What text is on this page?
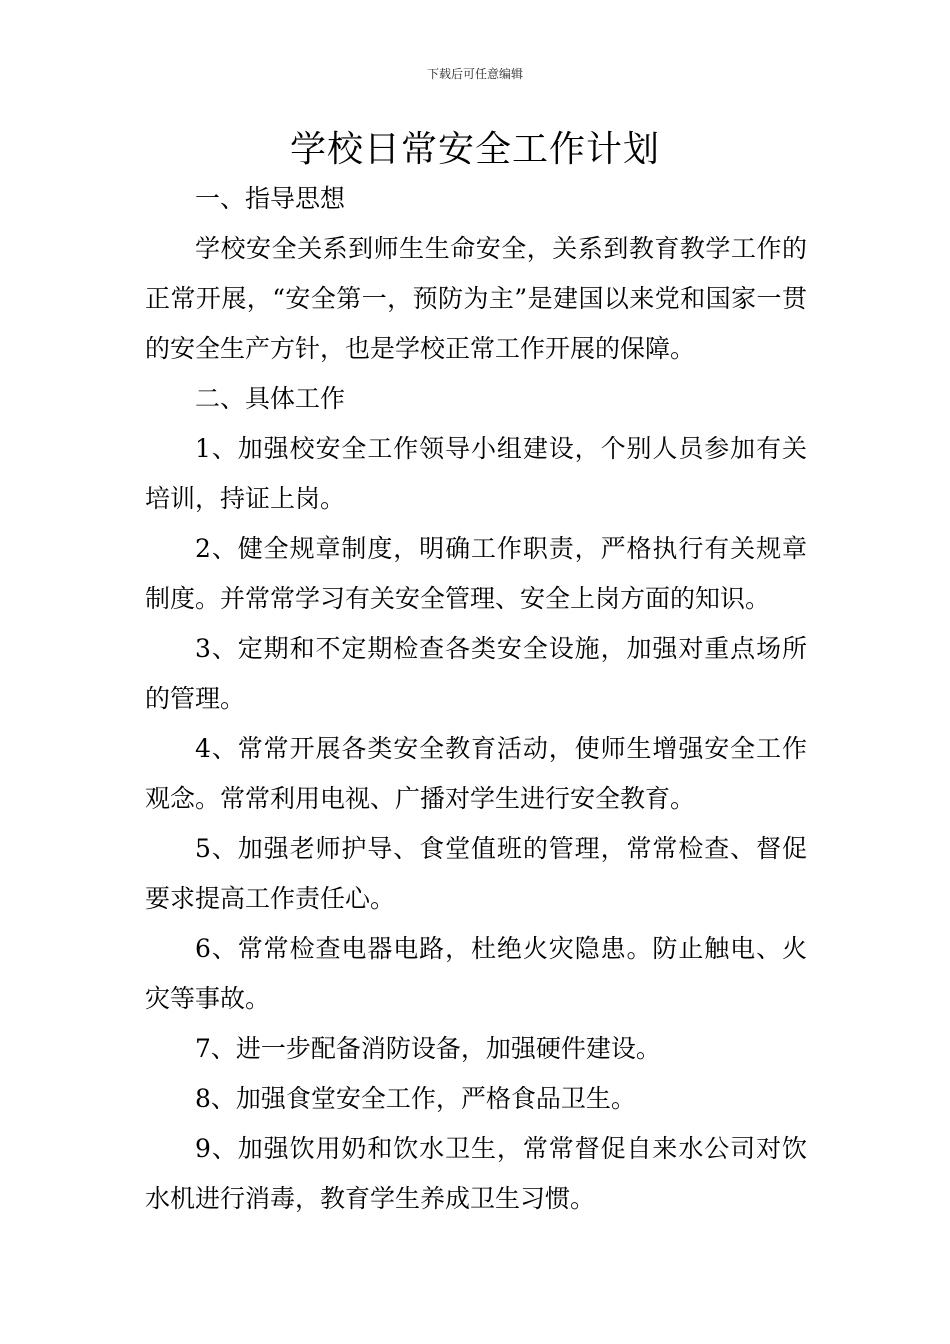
下载后可任意编辑
学校日常安全工作计划

一、指导思想

学校安全关系到师生生命安全，关系到教育教学工作的正常开展，“安全第一，预防为主”是建国以来党和国家一贯的安全生产方针，也是学校正常工作开展的保障。

二、具体工作

1、加强校安全工作领导小组建设，个别人员参加有关培训，持证上岗。

2、健全规章制度，明确工作职责，严格执行有关规章制度。并常常学习有关安全管理、安全上岗方面的知识。

3、定期和不定期检查各类安全设施，加强对重点场所的管理。

4、常常开展各类安全教育活动，使师生增强安全工作观念。常常利用电视、广播对学生进行安全教育。

5、加强老师护导、食堂值班的管理，常常检查、督促要求提高工作责任心。

6、常常检查电器电路，杜绝火灾隐患。防止触电、火灾等事故。

7、进一步配备消防设备，加强硬件建设。

8、加强食堂安全工作，严格食品卫生。

9、加强饮用奶和饮水卫生，常常督促自来水公司对饮水机进行消毒，教育学生养成卫生习惯。
